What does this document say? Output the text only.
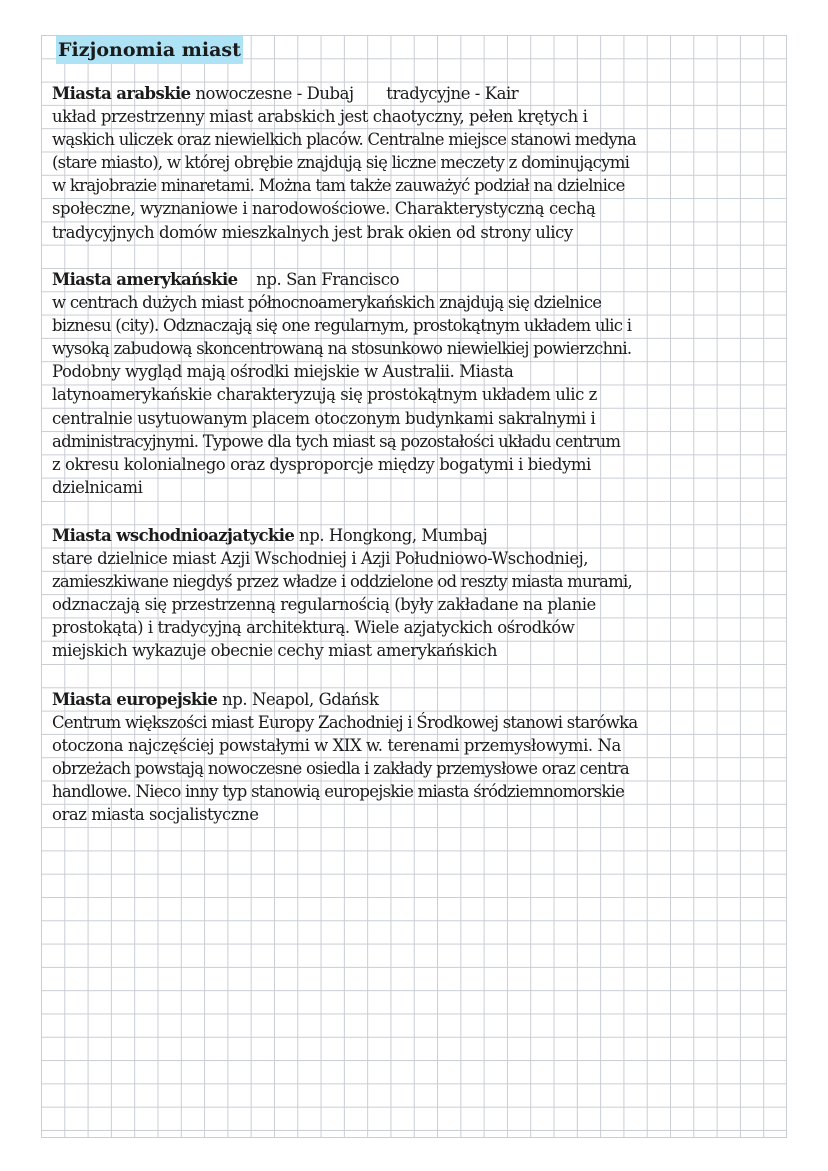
Fizjonomia miast
Miasta arabskie nowoczesne - Dubaj tradycyjne - Kair
układ przestrzenny miast arabskich jest chaotyczny, pełen krętych i
wąskich uliczek oraz niewielkich placów. Centralne miejsce stanowi medyna
(stare miasto), w której obrębie znajdują się liczne meczety z dominującymi
w krajobrazie minaretami. Można tam także zauważyć podział na dzielnice
społeczne, wyznaniowe i narodowościowe. Charakterystyczną cechą
tradycyjnych domów mieszkalnych jest brak okien od strony ulicy
Miasta amerykańskie np. San Francisco
w centrach dużych miast północnoamerykańskich znajdują się dzielnice
biznesu (city). Odznaczają się one regularnym, prostokątnym układem ulic i
wysoką zabudową skoncentrowaną na stosunkowo niewielkiej powierzchni.
Podobny wygląd mają ośrodki miejskie w Australii. Miasta
latynoamerykańskie charakteryzują się prostokątnym układem ulic z
centralnie usytuowanym placem otoczonym budynkami sakralnymi i
administracyjnymi. Typowe dla tych miast są pozostałości układu centrum
z okresu kolonialnego oraz dysproporcje między bogatymi i biedymi
dzielnicami
Miasta wschodnioazjatyckie np. Hongkong, Mumbaj
stare dzielnice miast Azji Wschodniej i Azji Południowo-Wschodniej,
zamieszkiwane niegdyś przez władze i oddzielone od reszty miasta murami,
odznaczają się przestrzenną regularnością (były zakładane na planie
prostokąta) i tradycyjną architekturą. Wiele azjatyckich ośrodków
miejskich wykazuje obecnie cechy miast amerykańskich
Miasta europejskie np. Neapol, Gdańsk
Centrum większości miast Europy Zachodniej i Środkowej stanowi starówka
otoczona najczęściej powstałymi w XIX w. terenami przemysłowymi. Na
obrzeżach powstają nowoczesne osiedla i zakłady przemysłowe oraz centra
handlowe. Nieco inny typ stanowią europejskie miasta śródziemnomorskie
oraz miasta socjalistyczne
